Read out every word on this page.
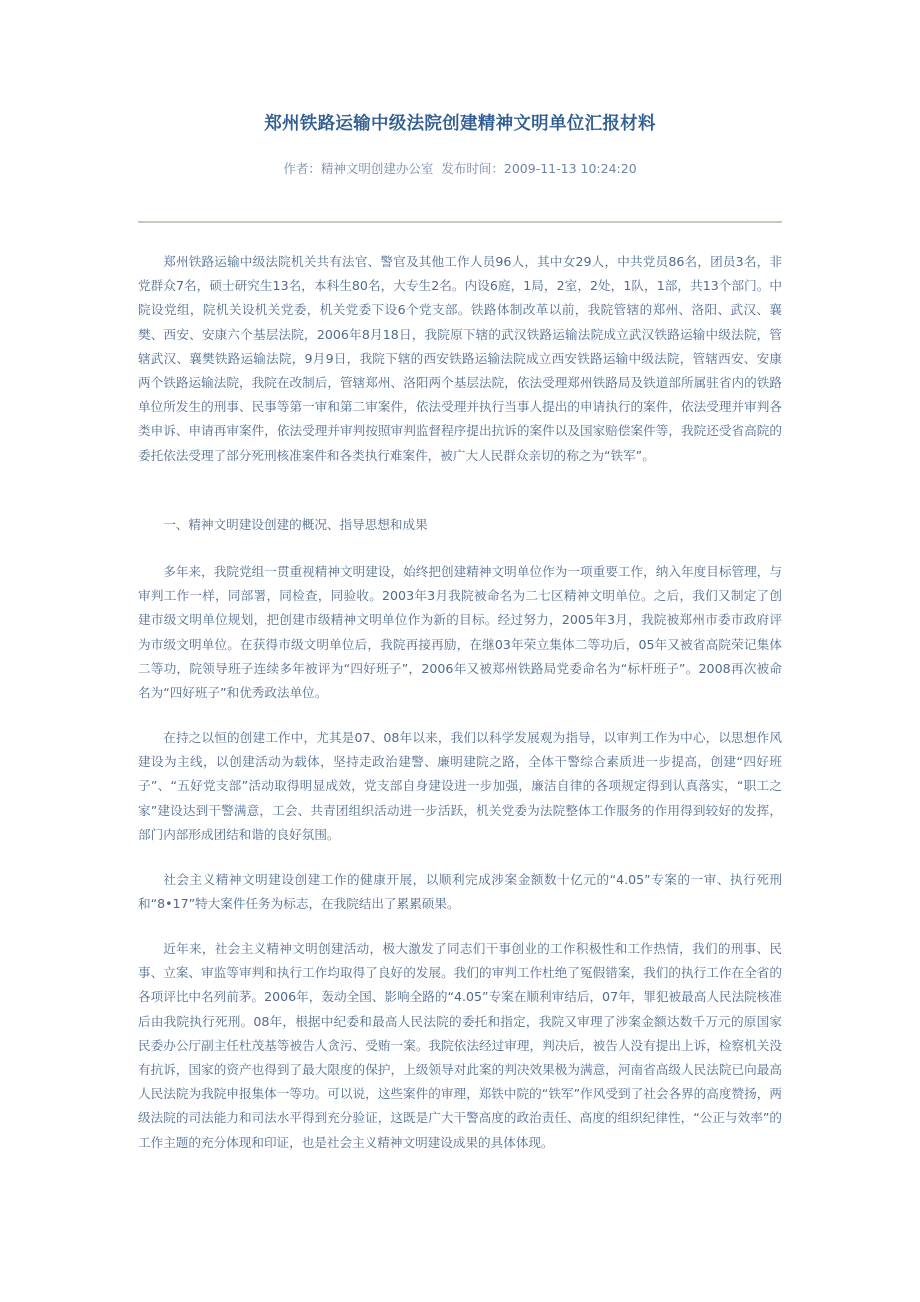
郑州铁路运输中级法院创建精神文明单位汇报材料
作者：精神文明创建办公室 发布时间：2009-11-13 10:24:20

郑州铁路运输中级法院机关共有法官、警官及其他工作人员96人，其中女29人，中共党员86名，团员3名，非党群众7名，硕士研究生13名，本科生80名，大专生2名。内设6庭，1局，2室，2处，1队，1部，共13个部门。中院设党组，院机关设机关党委，机关党委下设6个党支部。铁路体制改革以前，我院管辖的郑州、洛阳、武汉、襄樊、西安、安康六个基层法院，2006年8月18日，我院原下辖的武汉铁路运输法院成立武汉铁路运输中级法院，管辖武汉、襄樊铁路运输法院，9月9日，我院下辖的西安铁路运输法院成立西安铁路运输中级法院，管辖西安、安康两个铁路运输法院，我院在改制后，管辖郑州、洛阳两个基层法院，依法受理郑州铁路局及铁道部所属驻省内的铁路单位所发生的刑事、民事等第一审和第二审案件，依法受理并执行当事人提出的申请执行的案件，依法受理并审判各类申诉、申请再审案件，依法受理并审判按照审判监督程序提出抗诉的案件以及国家赔偿案件等，我院还受省高院的委托依法受理了部分死刑核准案件和各类执行难案件，被广大人民群众亲切的称之为“铁军”。

一、精神文明建设创建的概况、指导思想和成果

多年来，我院党组一贯重视精神文明建设，始终把创建精神文明单位作为一项重要工作，纳入年度目标管理，与审判工作一样，同部署，同检查，同验收。2003年3月我院被命名为二七区精神文明单位。之后，我们又制定了创建市级文明单位规划，把创建市级精神文明单位作为新的目标。经过努力，2005年3月，我院被郑州市委市政府评为市级文明单位。在获得市级文明单位后，我院再接再励，在继03年荣立集体二等功后，05年又被省高院荣记集体二等功，院领导班子连续多年被评为“四好班子”，2006年又被郑州铁路局党委命名为“标杆班子”。2008再次被命名为“四好班子”和优秀政法单位。

在持之以恒的创建工作中，尤其是07、08年以来，我们以科学发展观为指导，以审判工作为中心，以思想作风建设为主线，以创建活动为载体，坚持走政治建警、廉明建院之路，全体干警综合素质进一步提高，创建“四好班子”、“五好党支部”活动取得明显成效，党支部自身建设进一步加强，廉洁自律的各项规定得到认真落实，“职工之家”建设达到干警满意，工会、共青团组织活动进一步活跃，机关党委为法院整体工作服务的作用得到较好的发挥，部门内部形成团结和谐的良好氛围。

社会主义精神文明建设创建工作的健康开展，以顺利完成涉案金额数十亿元的“4.05”专案的一审、执行死刑和“8•17”特大案件任务为标志，在我院结出了累累硕果。

近年来，社会主义精神文明创建活动，极大激发了同志们干事创业的工作积极性和工作热情，我们的刑事、民事、立案、审监等审判和执行工作均取得了良好的发展。我们的审判工作杜绝了冤假错案，我们的执行工作在全省的各项评比中名列前茅。2006年，轰动全国、影响全路的“4.05”专案在顺利审结后，07年，罪犯被最高人民法院核准后由我院执行死刑。08年，根据中纪委和最高人民法院的委托和指定，我院又审理了涉案金额达数千万元的原国家民委办公厅副主任杜茂基等被告人贪污、受贿一案。我院依法经过审理，判决后，被告人没有提出上诉，检察机关没有抗诉，国家的资产也得到了最大限度的保护，上级领导对此案的判决效果极为满意，河南省高级人民法院已向最高人民法院为我院申报集体一等功。可以说，这些案件的审理，郑铁中院的“铁军”作风受到了社会各界的高度赞扬，两级法院的司法能力和司法水平得到充分验证，这既是广大干警高度的政治责任、高度的组织纪律性，“公正与效率”的工作主题的充分体现和印证，也是社会主义精神文明建设成果的具体体现。
